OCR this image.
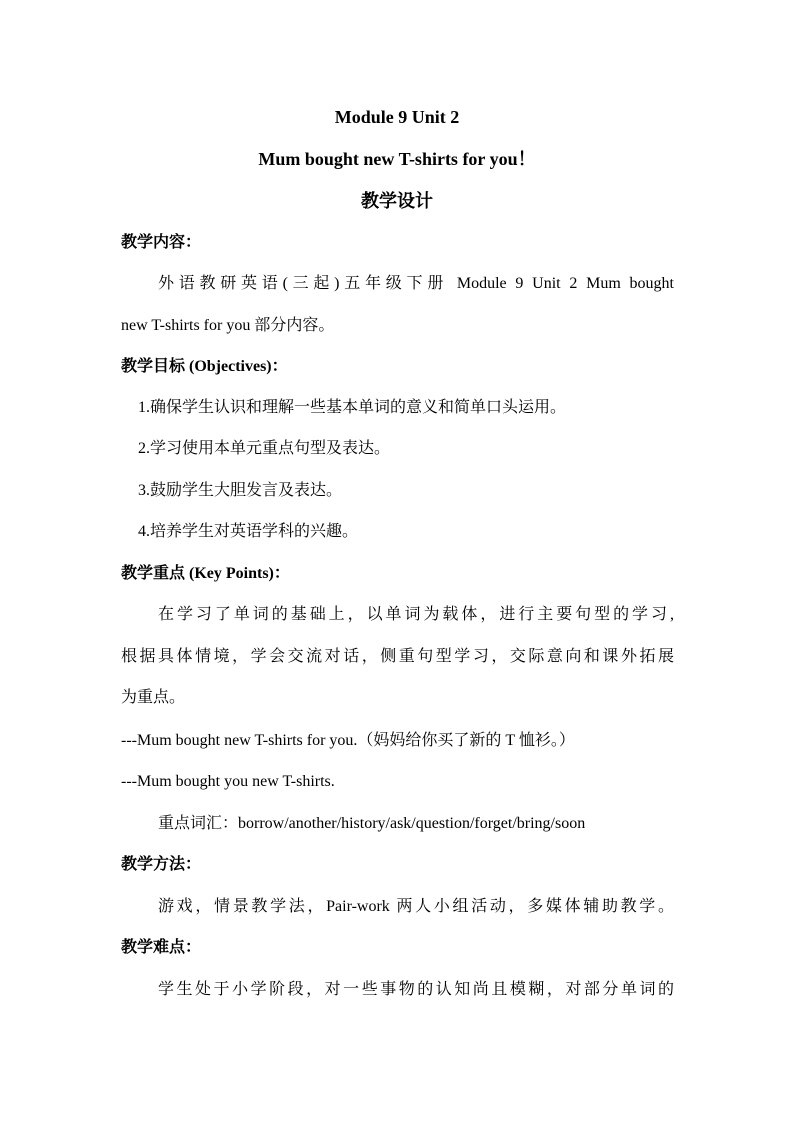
Module 9 Unit 2
Mum bought new T-shirts for you！
教学设计
教学内容：
外语教研英语(三起)五年级下册 Module 9 Unit 2 Mum bought
new T-shirts for you 部分内容。
教学目标 (Objectives)：
1.确保学生认识和理解一些基本单词的意义和简单口头运用。
2.学习使用本单元重点句型及表达。
3.鼓励学生大胆发言及表达。
4.培养学生对英语学科的兴趣。
教学重点 (Key Points)：
在学习了单词的基础上，以单词为载体，进行主要句型的学习,
根据具体情境，学会交流对话，侧重句型学习，交际意向和课外拓展
为重点。
---Mum bought new T-shirts for you.（妈妈给你买了新的 T 恤衫。）
---Mum bought you new T-shirts.
重点词汇：borrow/another/history/ask/question/forget/bring/soon
教学方法：
游戏，情景教学法，Pair-work 两人小组活动，多媒体辅助教学。
教学难点：
学生处于小学阶段，对一些事物的认知尚且模糊，对部分单词的
